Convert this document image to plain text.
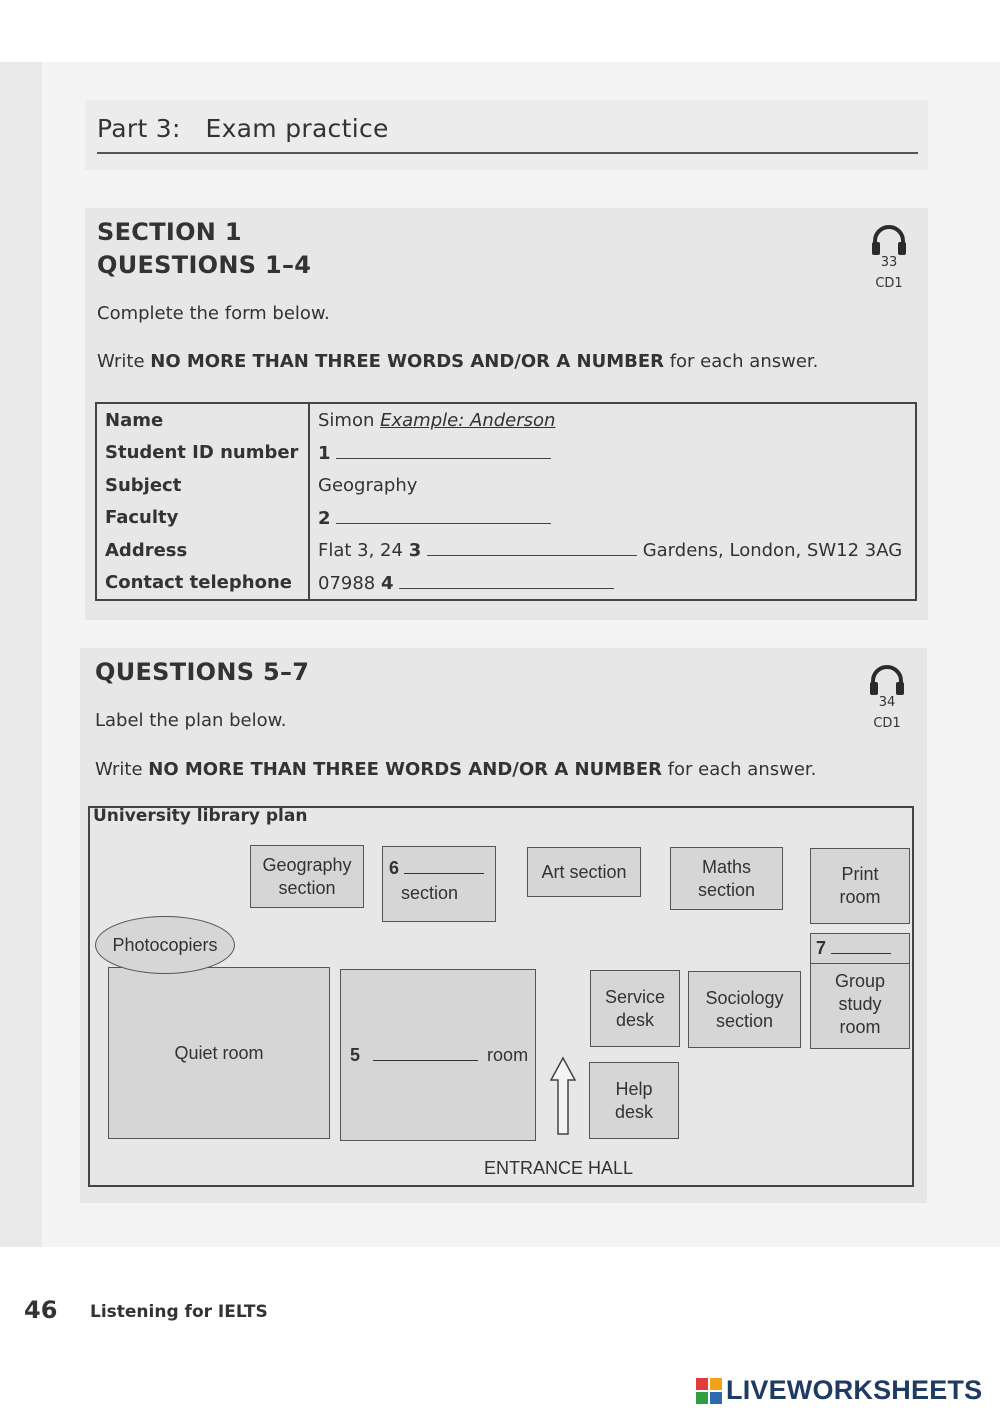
Part 3: Exam practice
SECTION 1
QUESTIONS 1–4	33
CD1
Complete the form below.
Write NO MORE THAN THREE WORDS AND/OR A NUMBER for each answer.
Name	Simon Example: Anderson
Student ID number	1
Subject	Geography
Faculty	2
Address	Flat 3, 24 3 Gardens, London, SW12 3AG
Contact telephone	07988 4
QUESTIONS 5–7
34
CD1
Label the plan below.
Write NO MORE THAN THREE WORDS AND/OR A NUMBER for each answer.
University library plan
Geography
section
6
section
Art section	Maths
section
Print
room
7
Group
study
room
Quiet room
Photocopiers
5	room
Service
desk
Sociology
section
Help
desk
ENTRANCE HALL
46 Listening for IELTS
LIVEWORKSHEETS
